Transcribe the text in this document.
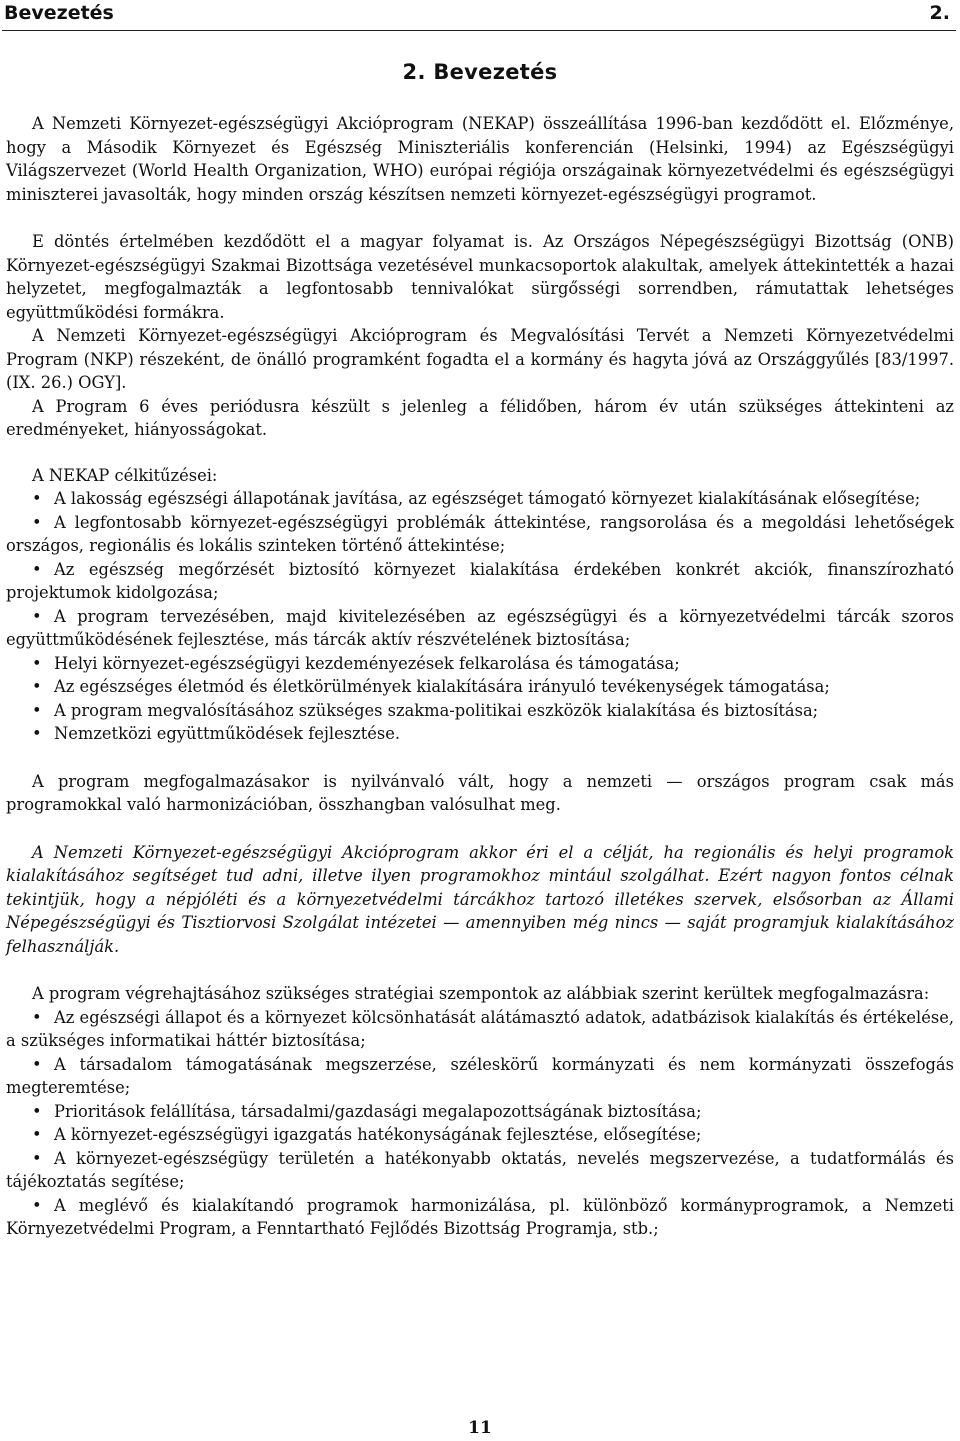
Bevezetés	2.
2. Bevezetés

A Nemzeti Környezet-egészségügyi Akcióprogram (NEKAP) összeállítása 1996-ban kezdődött el. Előzménye, hogy a Második Környezet és Egészség Miniszteriális konferencián (Helsinki, 1994) az Egészségügyi Világszervezet (World Health Organization, WHO) európai régiója országainak környezetvédelmi és egészségügyi miniszterei javasolták, hogy minden ország készítsen nemzeti környezet-egészségügyi programot.

E döntés értelmében kezdődött el a magyar folyamat is. Az Országos Népegészségügyi Bizottság (ONB) Környezet-egészségügyi Szakmai Bizottsága vezetésével munkacsoportok alakultak, amelyek áttekintették a hazai helyzetet, megfogalmazták a legfontosabb tennivalókat sürgősségi sorrendben, rámutattak lehetséges együttműködési formákra.

A Nemzeti Környezet-egészségügyi Akcióprogram és Megvalósítási Tervét a Nemzeti Környezetvédelmi Program (NKP) részeként, de önálló programként fogadta el a kormány és hagyta jóvá az Országgyűlés [83/1997. (IX. 26.) OGY].

A Program 6 éves periódusra készült s jelenleg a félidőben, három év után szükséges áttekinteni az eredményeket, hiányosságokat.

A NEKAP célkitűzései:

• A lakosság egészségi állapotának javítása, az egészséget támogató környezet kialakításának elősegítése;
• A legfontosabb környezet-egészségügyi problémák áttekintése, rangsorolása és a megoldási lehetőségek országos, regionális és lokális szinteken történő áttekintése;
• Az egészség megőrzését biztosító környezet kialakítása érdekében konkrét akciók, finanszírozható projektumok kidolgozása;
• A program tervezésében, majd kivitelezésében az egészségügyi és a környezetvédelmi tárcák szoros együttműködésének fejlesztése, más tárcák aktív részvételének biztosítása;
• Helyi környezet-egészségügyi kezdeményezések felkarolása és támogatása;
• Az egészséges életmód és életkörülmények kialakítására irányuló tevékenységek támogatása;
• A program megvalósításához szükséges szakma-politikai eszközök kialakítása és biztosítása;
• Nemzetközi együttműködések fejlesztése.

A program megfogalmazásakor is nyilvánvaló vált, hogy a nemzeti — országos program csak más programokkal való harmonizációban, összhangban valósulhat meg.

A Nemzeti Környezet-egészségügyi Akcióprogram akkor éri el a célját, ha regionális és helyi programok kialakításához segítséget tud adni, illetve ilyen programokhoz mintául szolgálhat. Ezért nagyon fontos célnak tekintjük, hogy a népjóléti és a környezetvédelmi tárcákhoz tartozó illetékes szervek, elsősorban az Állami Népegészségügyi és Tisztiorvosi Szolgálat intézetei — amennyiben még nincs — saját programjuk kialakításához felhasználják.

A program végrehajtásához szükséges stratégiai szempontok az alábbiak szerint kerültek megfogalmazásra:

• Az egészségi állapot és a környezet kölcsönhatását alátámasztó adatok, adatbázisok kialakítás és értékelése, a szükséges informatikai háttér biztosítása;
• A társadalom támogatásának megszerzése, széleskörű kormányzati és nem kormányzati összefogás megteremtése;
• Prioritások felállítása, társadalmi/gazdasági megalapozottságának biztosítása;
• A környezet-egészségügyi igazgatás hatékonyságának fejlesztése, elősegítése;
• A környezet-egészségügy területén a hatékonyabb oktatás, nevelés megszervezése, a tudatformálás és tájékoztatás segítése;
• A meglévő és kialakítandó programok harmonizálása, pl. különböző kormányprogramok, a Nemzeti Környezetvédelmi Program, a Fenntartható Fejlődés Bizottság Programja, stb.;
11
